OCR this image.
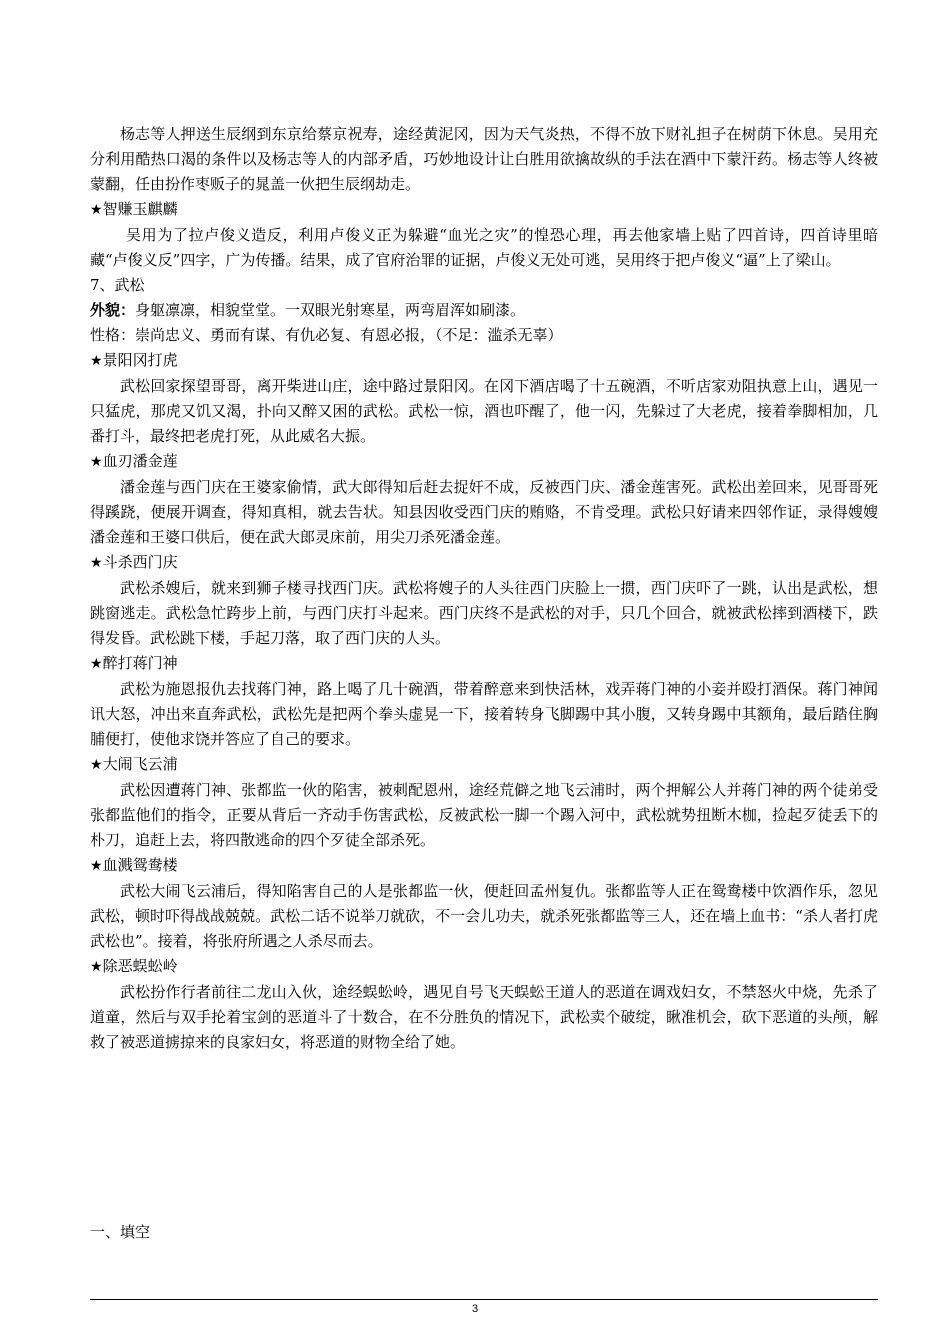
杨志等人押送生辰纲到东京给蔡京祝寿，途经黄泥冈，因为天气炎热，不得不放下财礼担子在树荫下休息。吴用充分利用酷热口渴的条件以及杨志等人的内部矛盾，巧妙地设计让白胜用欲擒故纵的手法在酒中下蒙汗药。杨志等人终被蒙翻，任由扮作枣贩子的晁盖一伙把生辰纲劫走。

★智赚玉麒麟

吴用为了拉卢俊义造反，利用卢俊义正为躲避“血光之灾”的惶恐心理，再去他家墙上贴了四首诗，四首诗里暗藏“卢俊义反”四字，广为传播。结果，成了官府治罪的证据，卢俊义无处可逃，吴用终于把卢俊义“逼”上了梁山。

7、武松

外貌：身躯凛凛，相貌堂堂。一双眼光射寒星，两弯眉浑如刷漆。

性格：崇尚忠义、勇而有谋、有仇必复、有恩必报，（不足：滥杀无辜）

★景阳冈打虎

武松回家探望哥哥，离开柴进山庄，途中路过景阳冈。在冈下酒店喝了十五碗酒，不听店家劝阻执意上山，遇见一只猛虎，那虎又饥又渴，扑向又醉又困的武松。武松一惊，酒也吓醒了，他一闪，先躲过了大老虎，接着拳脚相加，几番打斗，最终把老虎打死，从此威名大振。

★血刃潘金莲

潘金莲与西门庆在王婆家偷情，武大郎得知后赶去捉奸不成，反被西门庆、潘金莲害死。武松出差回来，见哥哥死得蹊跷，便展开调查，得知真相，就去告状。知县因收受西门庆的贿赂，不肯受理。武松只好请来四邻作证，录得嫂嫂潘金莲和王婆口供后，便在武大郎灵床前，用尖刀杀死潘金莲。

★斗杀西门庆

武松杀嫂后，就来到狮子楼寻找西门庆。武松将嫂子的人头往西门庆脸上一掼，西门庆吓了一跳，认出是武松，想跳窗逃走。武松急忙跨步上前，与西门庆打斗起来。西门庆终不是武松的对手，只几个回合，就被武松摔到酒楼下，跌得发昏。武松跳下楼，手起刀落，取了西门庆的人头。

★醉打蒋门神

武松为施恩报仇去找蒋门神，路上喝了几十碗酒，带着醉意来到快活林，戏弄蒋门神的小妾并殴打酒保。蒋门神闻讯大怒，冲出来直奔武松，武松先是把两个拳头虚晃一下，接着转身飞脚踢中其小腹，又转身踢中其额角，最后踏住胸脯便打，使他求饶并答应了自己的要求。

★大闹飞云浦

武松因遭蒋门神、张都监一伙的陷害，被刺配恩州，途经荒僻之地飞云浦时，两个押解公人并蒋门神的两个徒弟受张都监他们的指令，正要从背后一齐动手伤害武松，反被武松一脚一个踢入河中，武松就势扭断木枷，捡起歹徒丢下的朴刀，追赶上去，将四散逃命的四个歹徒全部杀死。

★血溅鸳鸯楼

武松大闹飞云浦后，得知陷害自己的人是张都监一伙，便赶回孟州复仇。张都监等人正在鸳鸯楼中饮酒作乐，忽见武松，顿时吓得战战兢兢。武松二话不说举刀就砍，不一会儿功夫，就杀死张都监等三人，还在墙上血书：“杀人者打虎武松也”。接着，将张府所遇之人杀尽而去。

★除恶蜈蚣岭

武松扮作行者前往二龙山入伙，途经蜈蚣岭，遇见自号飞天蜈蚣王道人的恶道在调戏妇女，不禁怒火中烧，先杀了道童，然后与双手抡着宝剑的恶道斗了十数合，在不分胜负的情况下，武松卖个破绽，瞅准机会，砍下恶道的头颅，解救了被恶道掳掠来的良家妇女，将恶道的财物全给了她。

一、填空
3
